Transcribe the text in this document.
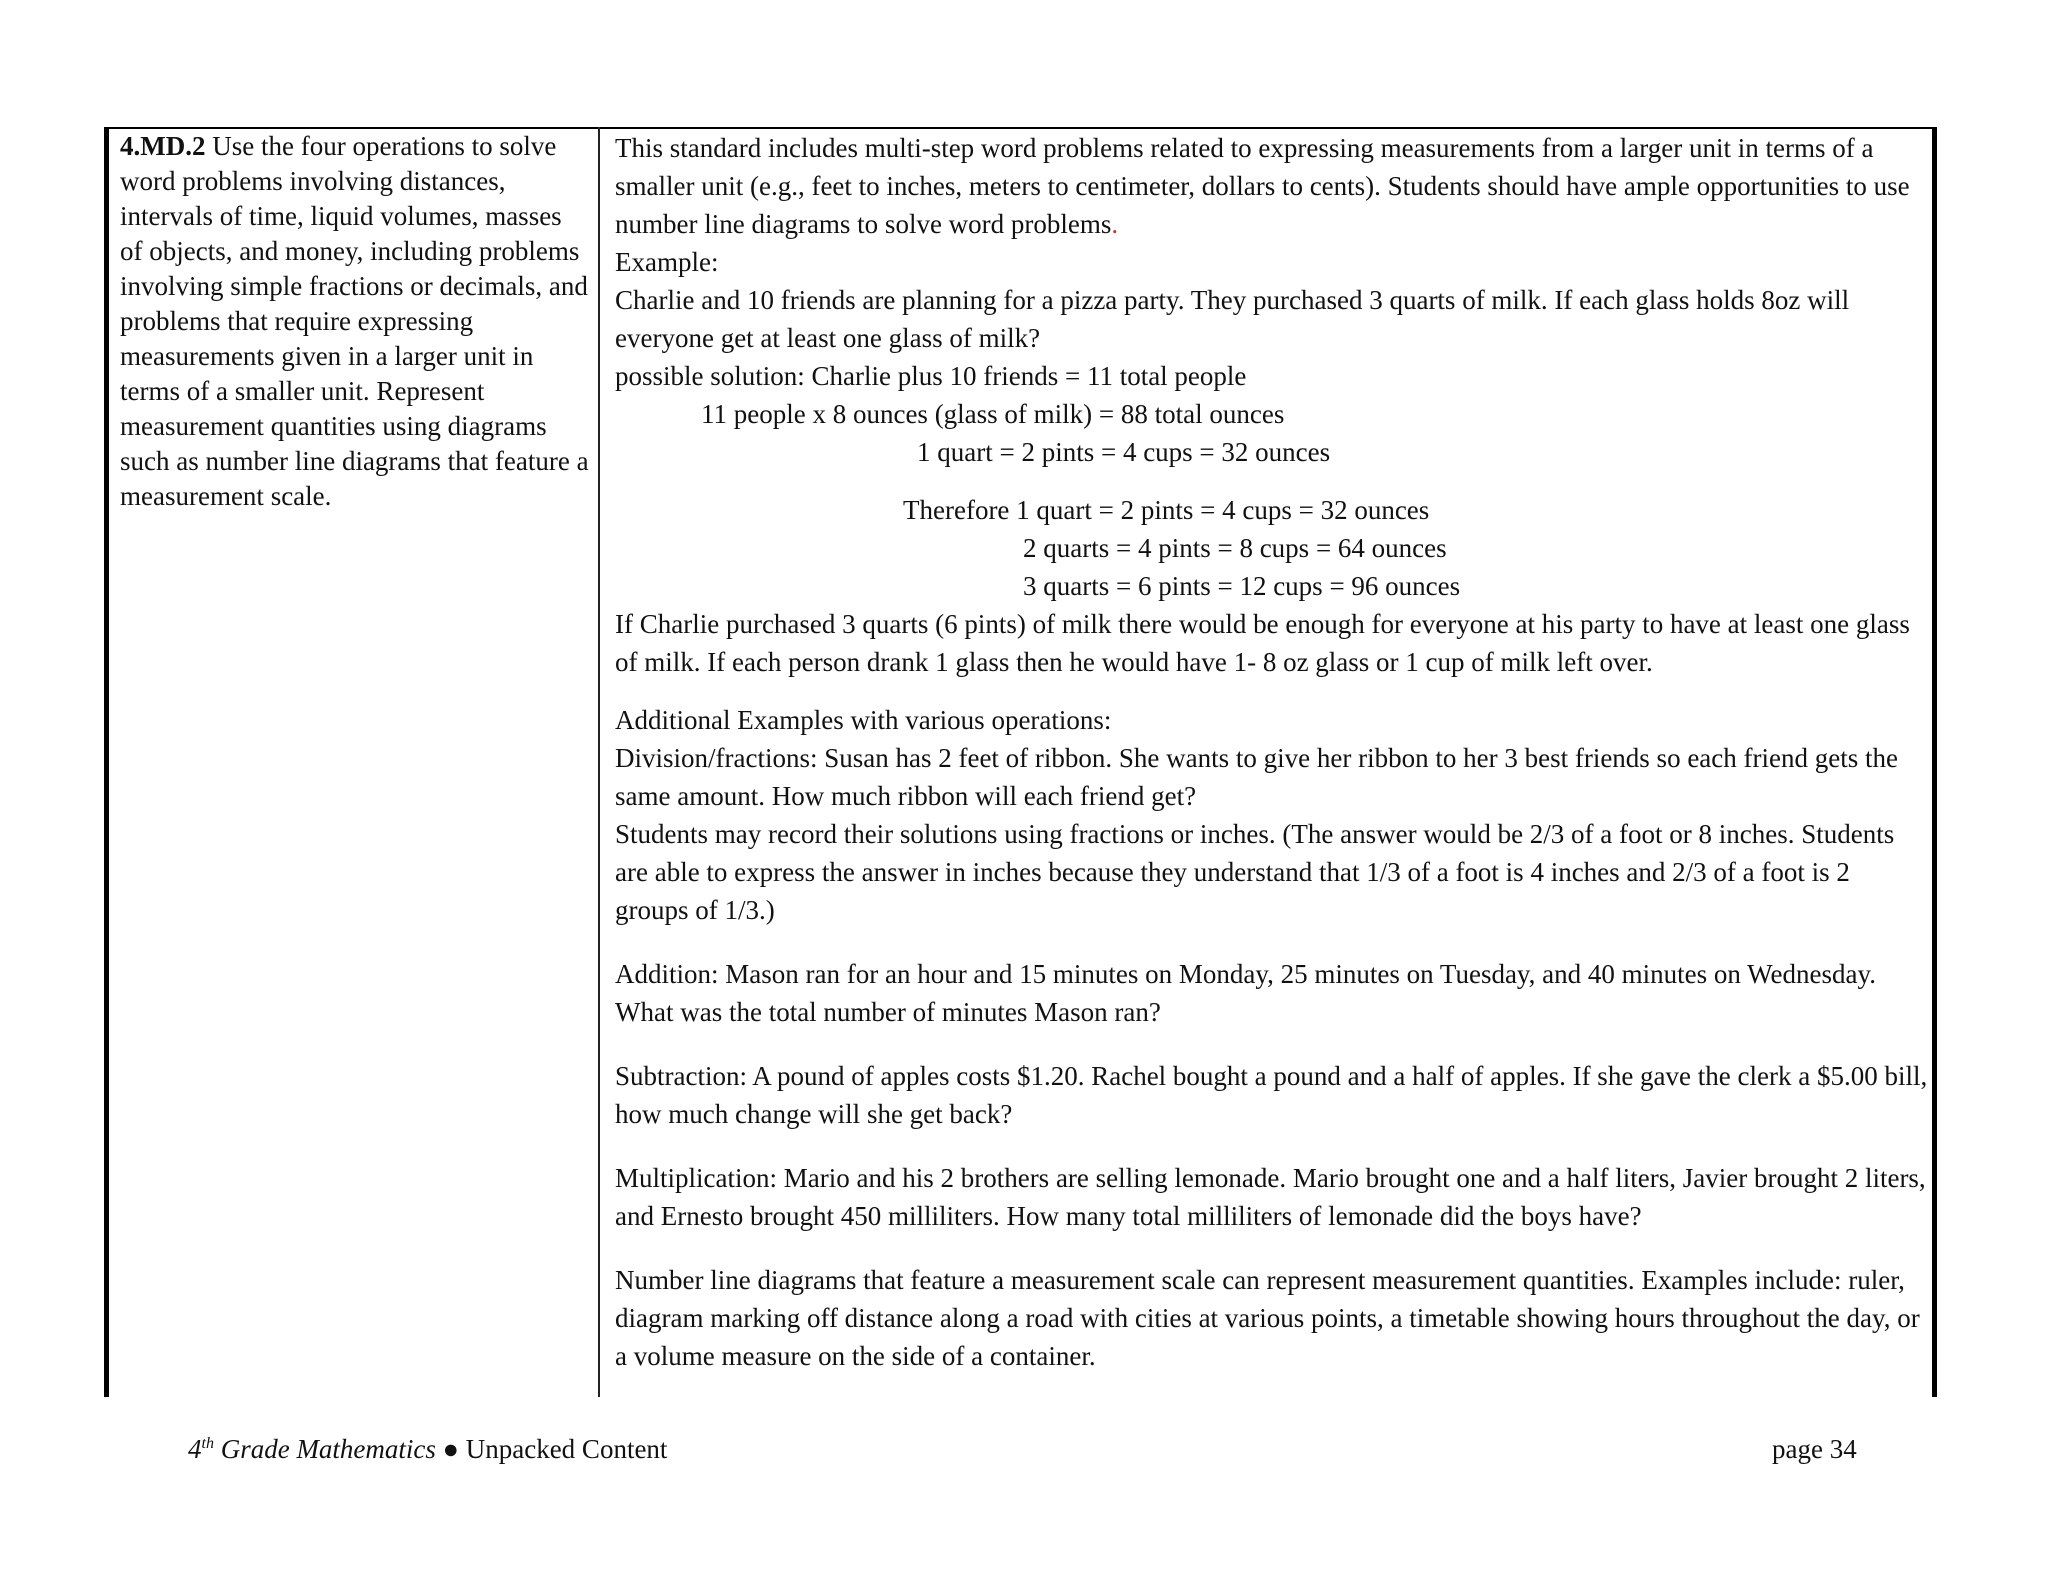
4.MD.2 Use the four operations to solve word problems involving distances, intervals of time, liquid volumes, masses of objects, and money, including problems involving simple fractions or decimals, and problems that require expressing measurements given in a larger unit in terms of a smaller unit. Represent measurement quantities using diagrams such as number line diagrams that feature a measurement scale.

This standard includes multi-step word problems related to expressing measurements from a larger unit in terms of a smaller unit (e.g., feet to inches, meters to centimeter, dollars to cents). Students should have ample opportunities to use number line diagrams to solve word problems.

Example:

Charlie and 10 friends are planning for a pizza party. They purchased 3 quarts of milk. If each glass holds 8oz will everyone get at least one glass of milk?

possible solution: Charlie plus 10 friends = 11 total people

11 people x 8 ounces (glass of milk) = 88 total ounces

1 quart = 2 pints = 4 cups = 32 ounces

Therefore 1 quart = 2 pints = 4 cups = 32 ounces

2 quarts = 4 pints = 8 cups = 64 ounces

3 quarts = 6 pints = 12 cups = 96 ounces

If Charlie purchased 3 quarts (6 pints) of milk there would be enough for everyone at his party to have at least one glass of milk. If each person drank 1 glass then he would have 1- 8 oz glass or 1 cup of milk left over.

Additional Examples with various operations:

Division/fractions: Susan has 2 feet of ribbon. She wants to give her ribbon to her 3 best friends so each friend gets the same amount. How much ribbon will each friend get?

Students may record their solutions using fractions or inches. (The answer would be 2/3 of a foot or 8 inches. Students are able to express the answer in inches because they understand that 1/3 of a foot is 4 inches and 2/3 of a foot is 2 groups of 1/3.)

Addition: Mason ran for an hour and 15 minutes on Monday, 25 minutes on Tuesday, and 40 minutes on Wednesday. What was the total number of minutes Mason ran?

Subtraction: A pound of apples costs $1.20. Rachel bought a pound and a half of apples. If she gave the clerk a $5.00 bill, how much change will she get back?

Multiplication: Mario and his 2 brothers are selling lemonade. Mario brought one and a half liters, Javier brought 2 liters, and Ernesto brought 450 milliliters. How many total milliliters of lemonade did the boys have?

Number line diagrams that feature a measurement scale can represent measurement quantities. Examples include: ruler, diagram marking off distance along a road with cities at various points, a timetable showing hours throughout the day, or a volume measure on the side of a container.

4th Grade Mathematics ● Unpacked Content	page 34
